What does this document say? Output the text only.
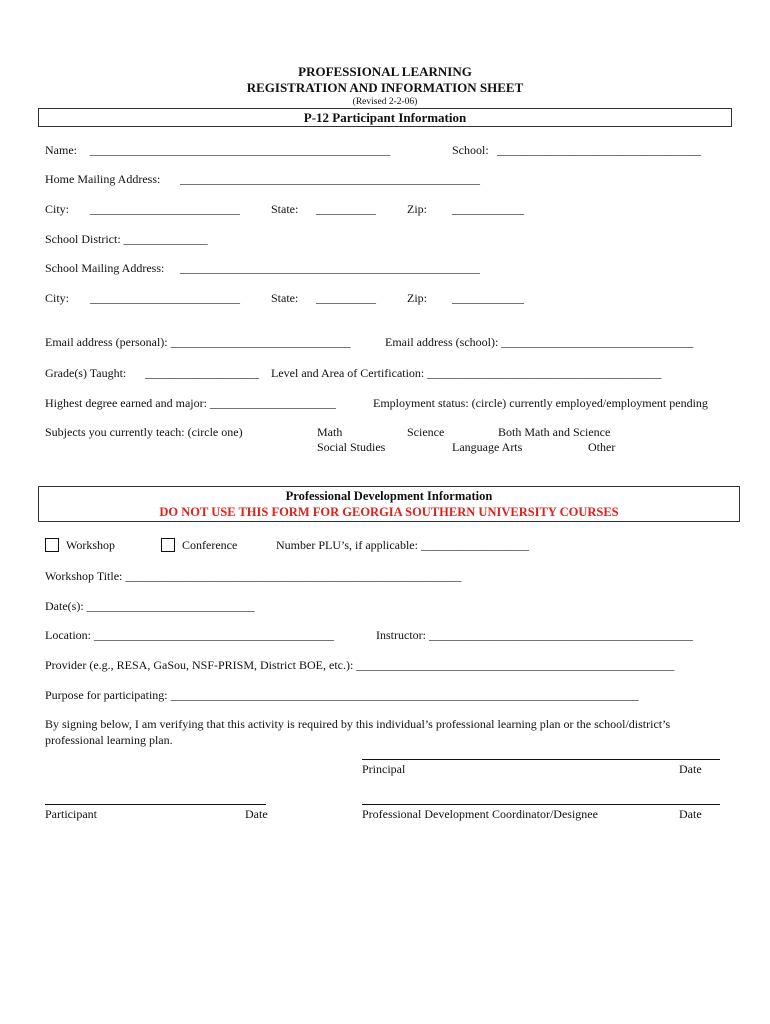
PROFESSIONAL LEARNING
REGISTRATION AND INFORMATION SHEET
(Revised 2-2-06)
P-12 Participant Information
Name: __________________________________________________	School: __________________________________
Home Mailing Address: __________________________________________________
City: _________________________	State: __________	Zip: ____________
School District: ______________
School Mailing Address: __________________________________________________
City: _________________________	State: __________	Zip: ____________
Email address (personal): ______________________________	Email address (school): ________________________________
Grade(s) Taught: ___________________ Level and Area of Certification: _______________________________________
Highest degree earned and major: _____________________	Employment status: (circle) currently employed/employment pending
Subjects you currently teach: (circle one)	Math	Science	Both Math and Science
Social Studies	Language Arts	Other
Professional Development Information
DO NOT USE THIS FORM FOR GEORGIA SOUTHERN UNIVERSITY COURSES
Workshop	Conference	Number PLU’s, if applicable: __________________
Workshop Title: ________________________________________________________
Date(s): ____________________________
Location: ________________________________________	Instructor: ____________________________________________
Provider (e.g., RESA, GaSou, NSF-PRISM, District BOE, etc.): _____________________________________________________
Purpose for participating: ______________________________________________________________________________
By signing below, I am verifying that this activity is required by this individual’s professional learning plan or the school/district’s
professional learning plan.
Principal	Date
Participant	Date	Professional Development Coordinator/Designee	Date
